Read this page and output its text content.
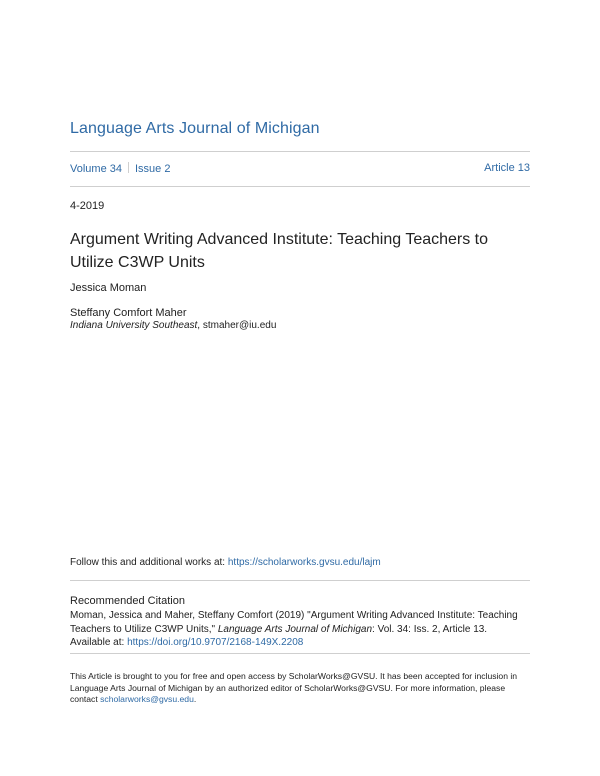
Language Arts Journal of Michigan
Volume 34 Issue 2	Article 13
4-2019
Argument Writing Advanced Institute: Teaching Teachers to Utilize C3WP Units
Jessica Moman
Steffany Comfort Maher
Indiana University Southeast, stmaher@iu.edu
Follow this and additional works at: https://scholarworks.gvsu.edu/lajm
Recommended Citation
Moman, Jessica and Maher, Steffany Comfort (2019) "Argument Writing Advanced Institute: Teaching Teachers to Utilize C3WP Units," Language Arts Journal of Michigan: Vol. 34: Iss. 2, Article 13.
Available at: https://doi.org/10.9707/2168-149X.2208
This Article is brought to you for free and open access by ScholarWorks@GVSU. It has been accepted for inclusion in Language Arts Journal of Michigan by an authorized editor of ScholarWorks@GVSU. For more information, please contact scholarworks@gvsu.edu.
